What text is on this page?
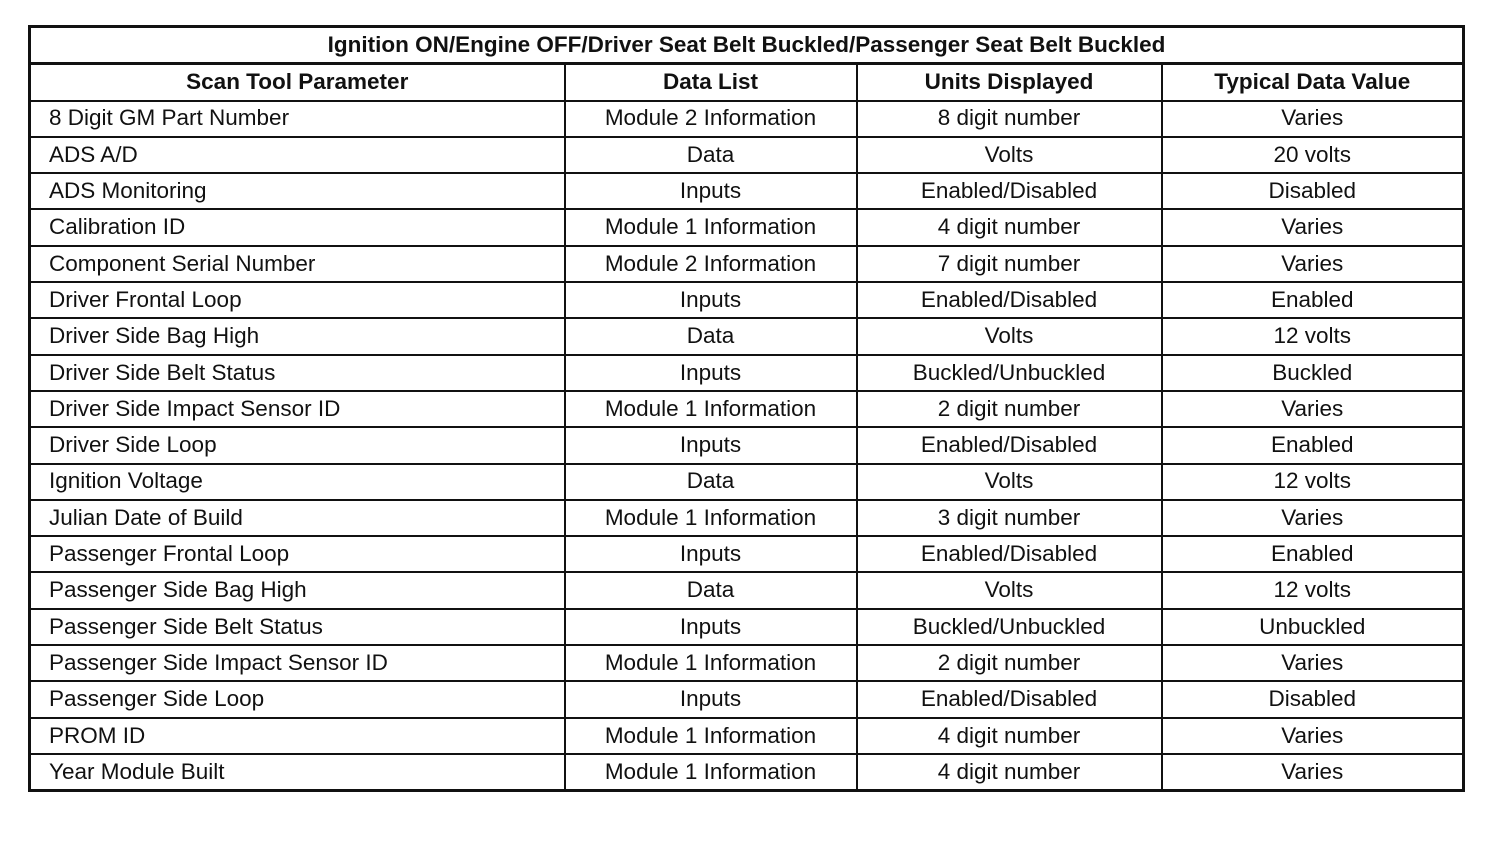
Ignition ON/Engine OFF/Driver Seat Belt Buckled/Passenger Seat Belt Buckled			
Scan Tool Parameter	Data List	Units Displayed	Typical Data Value
8 Digit GM Part Number	Module 2 Information	8 digit number	Varies
ADS A/D	Data	Volts	20 volts
ADS Monitoring	Inputs	Enabled/Disabled	Disabled
Calibration ID	Module 1 Information	4 digit number	Varies
Component Serial Number	Module 2 Information	7 digit number	Varies
Driver Frontal Loop	Inputs	Enabled/Disabled	Enabled
Driver Side Bag High	Data	Volts	12 volts
Driver Side Belt Status	Inputs	Buckled/Unbuckled	Buckled
Driver Side Impact Sensor ID	Module 1 Information	2 digit number	Varies
Driver Side Loop	Inputs	Enabled/Disabled	Enabled
Ignition Voltage	Data	Volts	12 volts
Julian Date of Build	Module 1 Information	3 digit number	Varies
Passenger Frontal Loop	Inputs	Enabled/Disabled	Enabled
Passenger Side Bag High	Data	Volts	12 volts
Passenger Side Belt Status	Inputs	Buckled/Unbuckled	Unbuckled
Passenger Side Impact Sensor ID	Module 1 Information	2 digit number	Varies
Passenger Side Loop	Inputs	Enabled/Disabled	Disabled
PROM ID	Module 1 Information	4 digit number	Varies
Year Module Built	Module 1 Information	4 digit number	Varies
